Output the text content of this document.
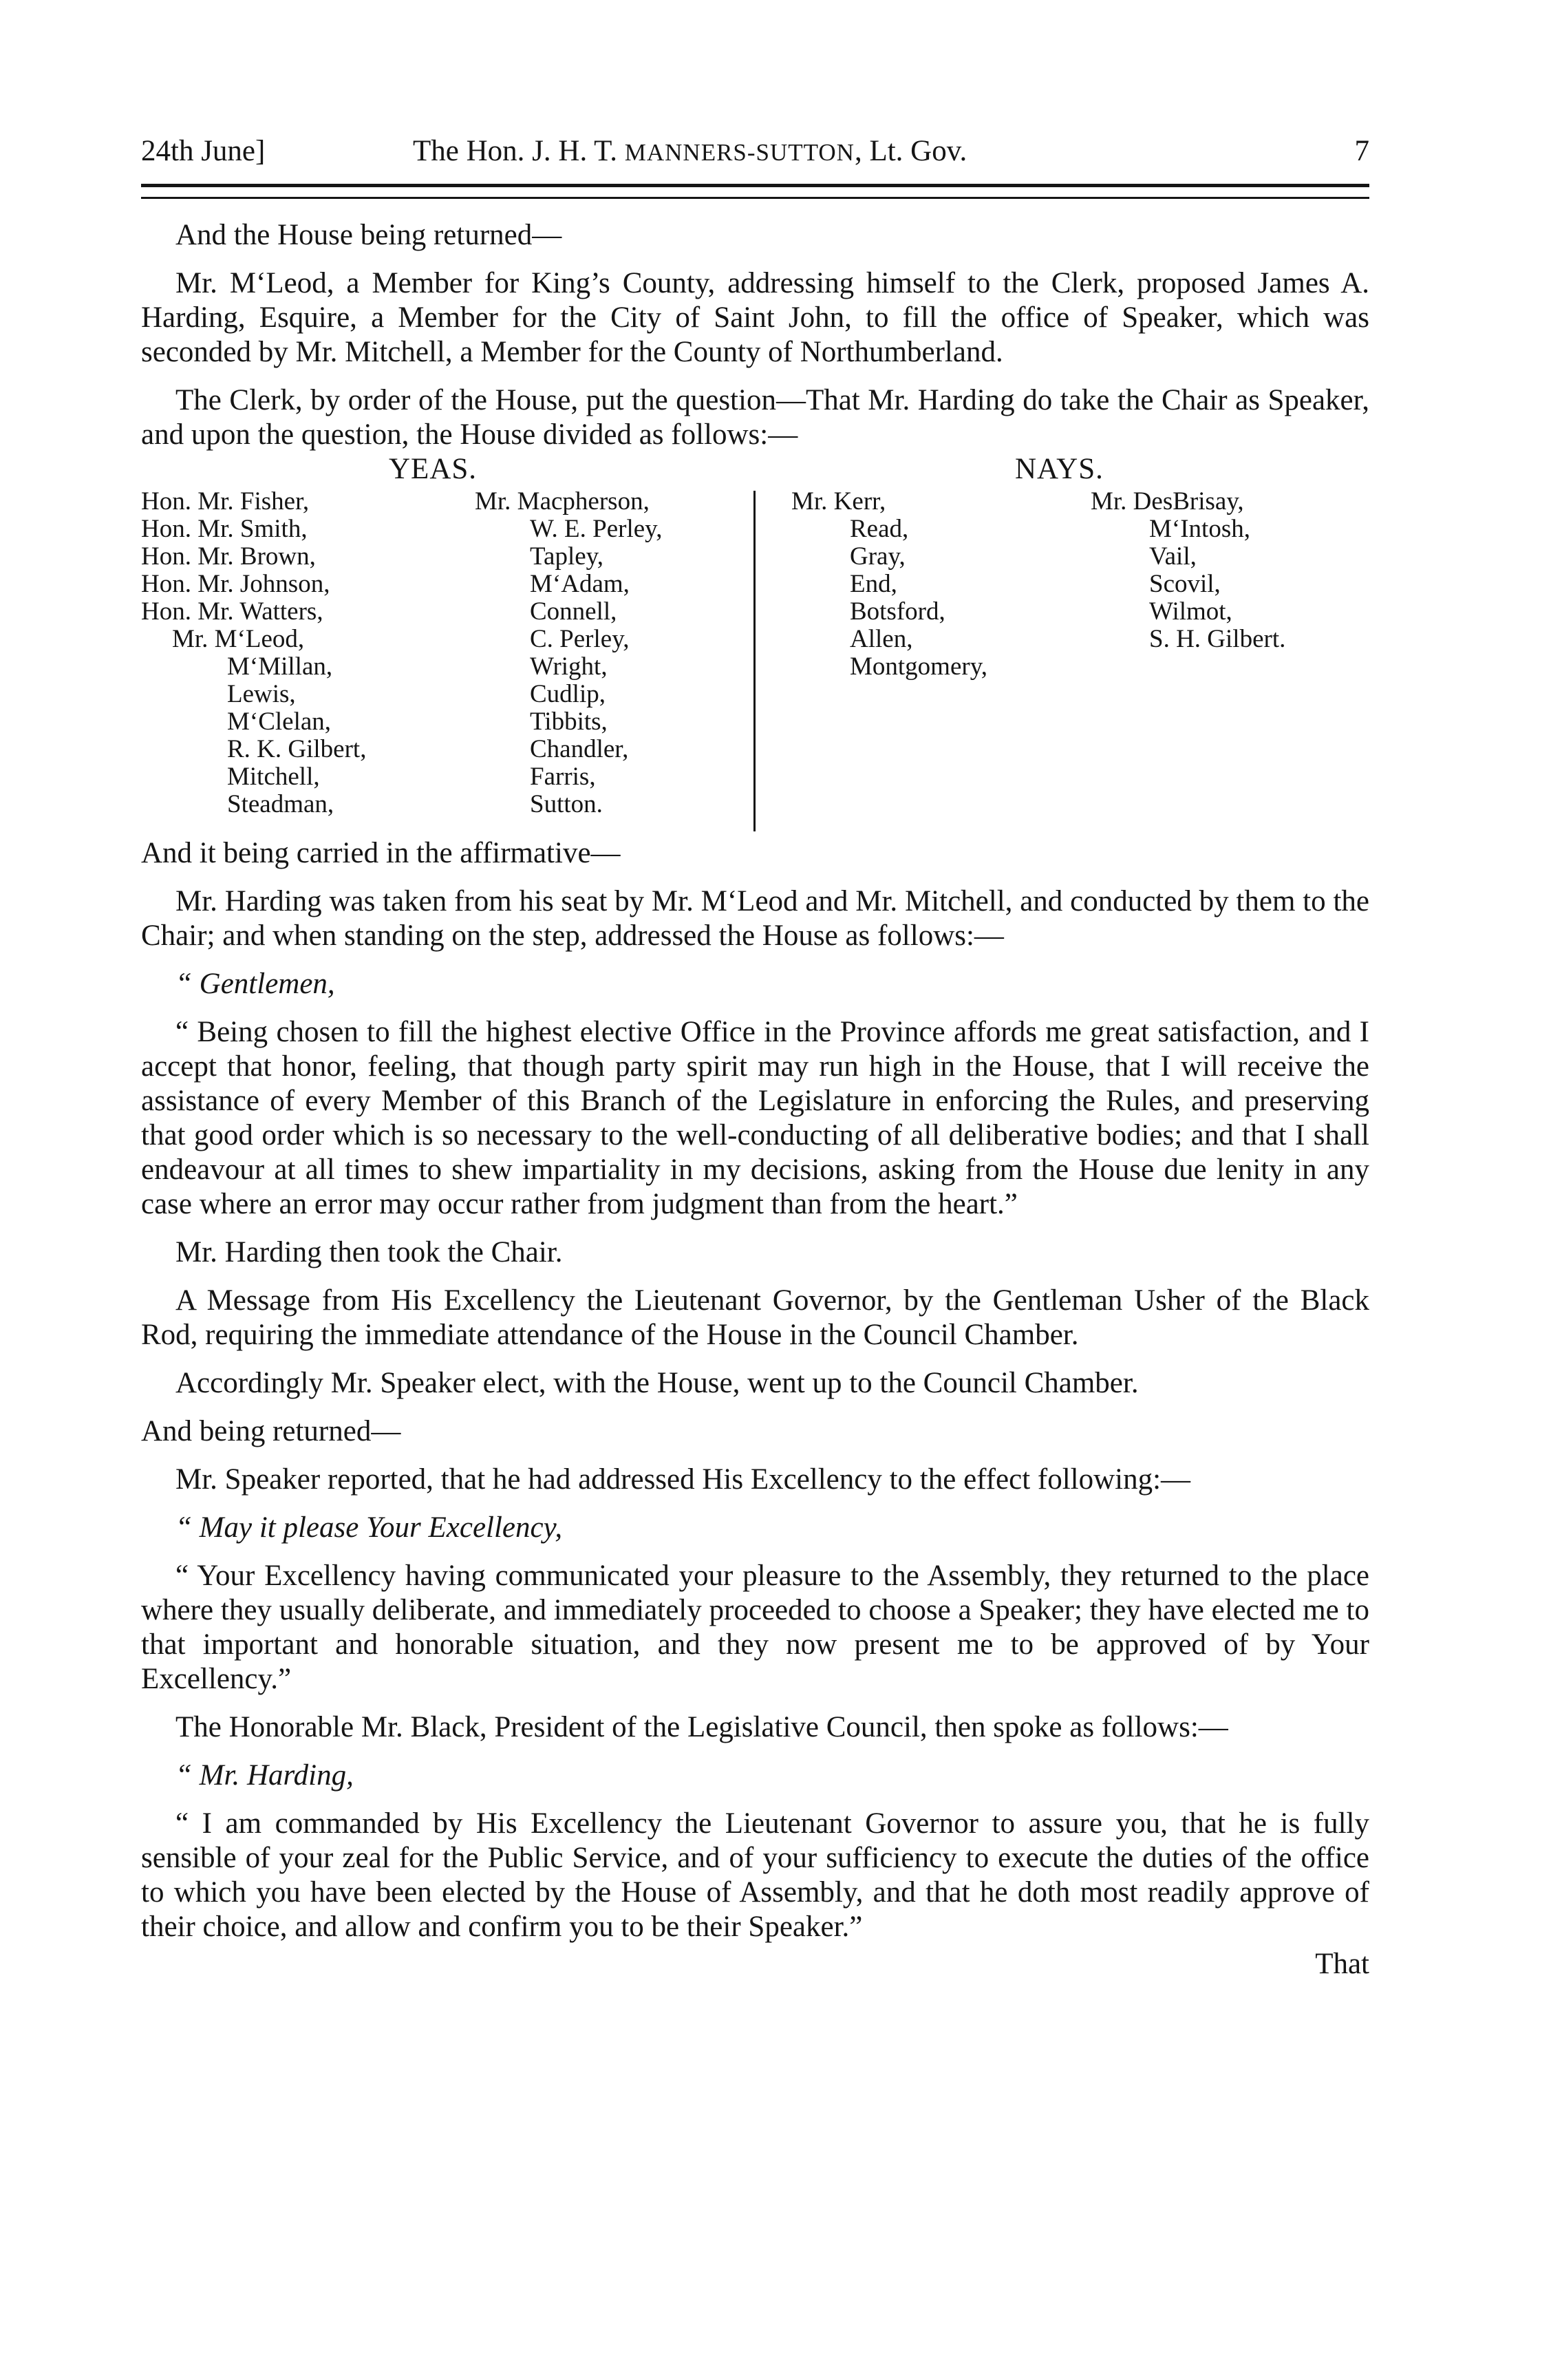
24th June]	The Hon. J. H. T. MANNERS-SUTTON, Lt. Gov.	7

And the House being returned—

Mr. M‘Leod, a Member for King’s County, addressing himself to the Clerk, proposed James A. Harding, Esquire, a Member for the City of Saint John, to fill the office of Speaker, which was seconded by Mr. Mitchell, a Member for the County of Northumberland.

The Clerk, by order of the House, put the question—That Mr. Harding do take the Chair as Speaker, and upon the question, the House divided as follows:—

YEAS.	NAYS.
Hon. Mr. Fisher,
Hon. Mr. Smith,
Hon. Mr. Brown,
Hon. Mr. Johnson,
Hon. Mr. Watters,
Mr. M‘Leod,
M‘Millan,
Lewis,
M‘Clelan,
R. K. Gilbert,
Mitchell,
Steadman,
Mr. Macpherson,
W. E. Perley,
Tapley,
M‘Adam,
Connell,
C. Perley,
Wright,
Cudlip,
Tibbits,
Chandler,
Farris,
Sutton.
Mr. Kerr,
Read,
Gray,
End,
Botsford,
Allen,
Montgomery,
Mr. DesBrisay,
M‘Intosh,
Vail,
Scovil,
Wilmot,
S. H. Gilbert.

And it being carried in the affirmative—

Mr. Harding was taken from his seat by Mr. M‘Leod and Mr. Mitchell, and conducted by them to the Chair; and when standing on the step, addressed the House as follows:—

“ Gentlemen,

“ Being chosen to fill the highest elective Office in the Province affords me great satisfaction, and I accept that honor, feeling, that though party spirit may run high in the House, that I will receive the assistance of every Member of this Branch of the Legislature in enforcing the Rules, and preserving that good order which is so necessary to the well-conducting of all deliberative bodies; and that I shall endeavour at all times to shew impartiality in my decisions, asking from the House due lenity in any case where an error may occur rather from judgment than from the heart.”

Mr. Harding then took the Chair.

A Message from His Excellency the Lieutenant Governor, by the Gentleman Usher of the Black Rod, requiring the immediate attendance of the House in the Council Chamber.

Accordingly Mr. Speaker elect, with the House, went up to the Council Chamber.

And being returned—

Mr. Speaker reported, that he had addressed His Excellency to the effect following:—

“ May it please Your Excellency,

“ Your Excellency having communicated your pleasure to the Assembly, they returned to the place where they usually deliberate, and immediately proceeded to choose a Speaker; they have elected me to that important and honorable situation, and they now present me to be approved of by Your Excellency.”

The Honorable Mr. Black, President of the Legislative Council, then spoke as follows:—

“ Mr. Harding,

“ I am commanded by His Excellency the Lieutenant Governor to assure you, that he is fully sensible of your zeal for the Public Service, and of your sufficiency to execute the duties of the office to which you have been elected by the House of Assembly, and that he doth most readily approve of their choice, and allow and confirm you to be their Speaker.”

That
